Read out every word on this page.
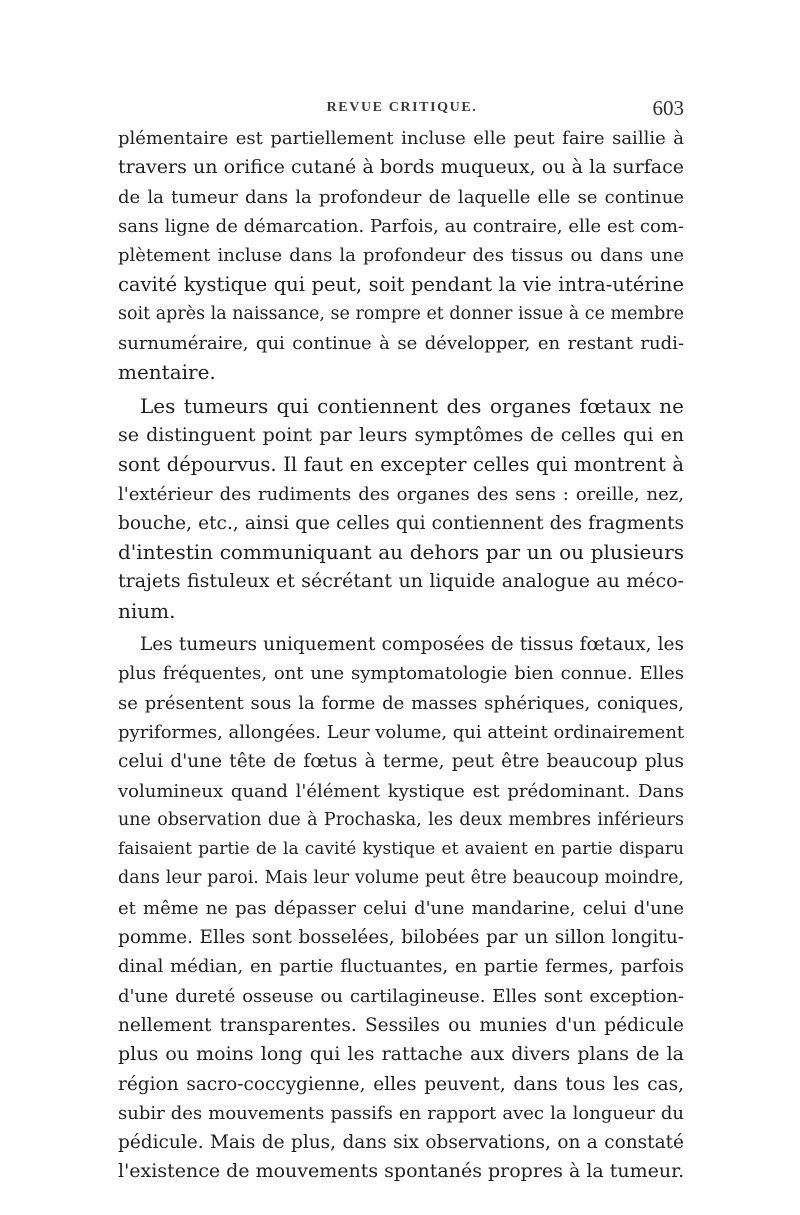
REVUE CRITIQUE.	603
plémentaire est partiellement incluse elle peut faire saillie à
travers un orifice cutané à bords muqueux, ou à la surface
de la tumeur dans la profondeur de laquelle elle se continue
sans ligne de démarcation. Parfois, au contraire, elle est com-
plètement incluse dans la profondeur des tissus ou dans une
cavité kystique qui peut, soit pendant la vie intra-utérine
soit après la naissance, se rompre et donner issue à ce membre
surnuméraire, qui continue à se développer, en restant rudi-
mentaire.
Les tumeurs qui contiennent des organes fœtaux ne
se distinguent point par leurs symptômes de celles qui en
sont dépourvus. Il faut en excepter celles qui montrent à
l'extérieur des rudiments des organes des sens : oreille, nez,
bouche, etc., ainsi que celles qui contiennent des fragments
d'intestin communiquant au dehors par un ou plusieurs
trajets fistuleux et sécrétant un liquide analogue au méco-
nium.
Les tumeurs uniquement composées de tissus fœtaux, les
plus fréquentes, ont une symptomatologie bien connue. Elles
se présentent sous la forme de masses sphériques, coniques,
pyriformes, allongées. Leur volume, qui atteint ordinairement
celui d'une tête de fœtus à terme, peut être beaucoup plus
volumineux quand l'élément kystique est prédominant. Dans
une observation due à Prochaska, les deux membres inférieurs
faisaient partie de la cavité kystique et avaient en partie disparu
dans leur paroi. Mais leur volume peut être beaucoup moindre,
et même ne pas dépasser celui d'une mandarine, celui d'une
pomme. Elles sont bosselées, bilobées par un sillon longitu-
dinal médian, en partie fluctuantes, en partie fermes, parfois
d'une dureté osseuse ou cartilagineuse. Elles sont exception-
nellement transparentes. Sessiles ou munies d'un pédicule
plus ou moins long qui les rattache aux divers plans de la
région sacro-coccygienne, elles peuvent, dans tous les cas,
subir des mouvements passifs en rapport avec la longueur du
pédicule. Mais de plus, dans six observations, on a constaté
l'existence de mouvements spontanés propres à la tumeur.
